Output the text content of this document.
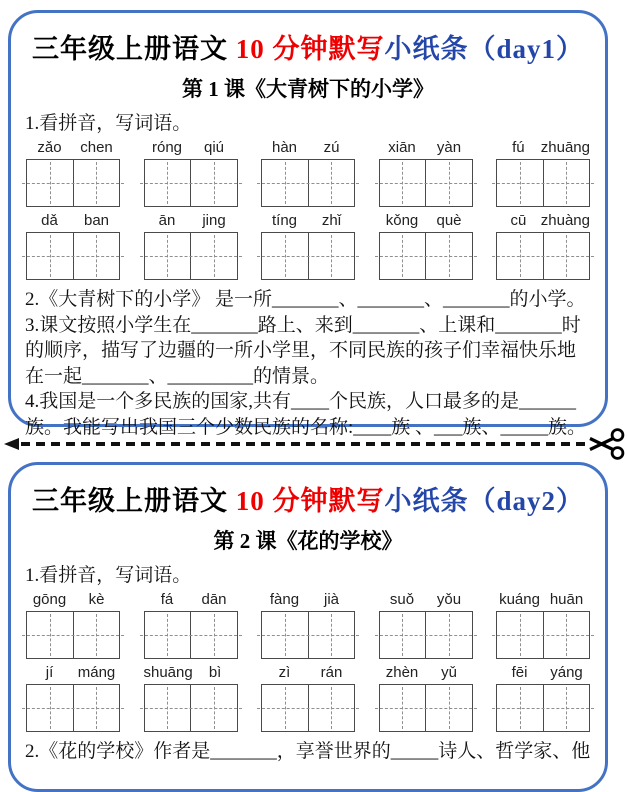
三年级上册语文 10 分钟默写小纸条（day1）
第 1 课《大青树下的小学》
1.看拼音，写词语。
zǎo	chen	róng	qiú	hàn	zú	xiān	yàn	fú	zhuāng
dǎ	ban	ān	jing	tíng	zhǐ	kǒng	què	cū zhuàng
2.《大青树下的小学》 是一所_______、_______、_______的小学。
3.课文按照小学生在_______路上、来到_______、上课和_______时
的顺序，描写了边疆的一所小学里，不同民族的孩子们幸福快乐地
在一起_______、_________的情景。
4.我国是一个多民族的国家,共有____个民族，人口最多的是______
族。我能写出我国三个少数民族的名称:____族 、___族、_____族。
三年级上册语文 10 分钟默写小纸条（day2）
第 2 课《花的学校》
1.看拼音，写词语。
gōng	kè	fá	dān	fàng	jià	suǒ	yǒu	kuáng huān
jí	máng	shuāng	bì	zì	rán	zhèn	yǔ	fēi	yáng
2.《花的学校》作者是_______，享誉世界的_____诗人、哲学家、他
